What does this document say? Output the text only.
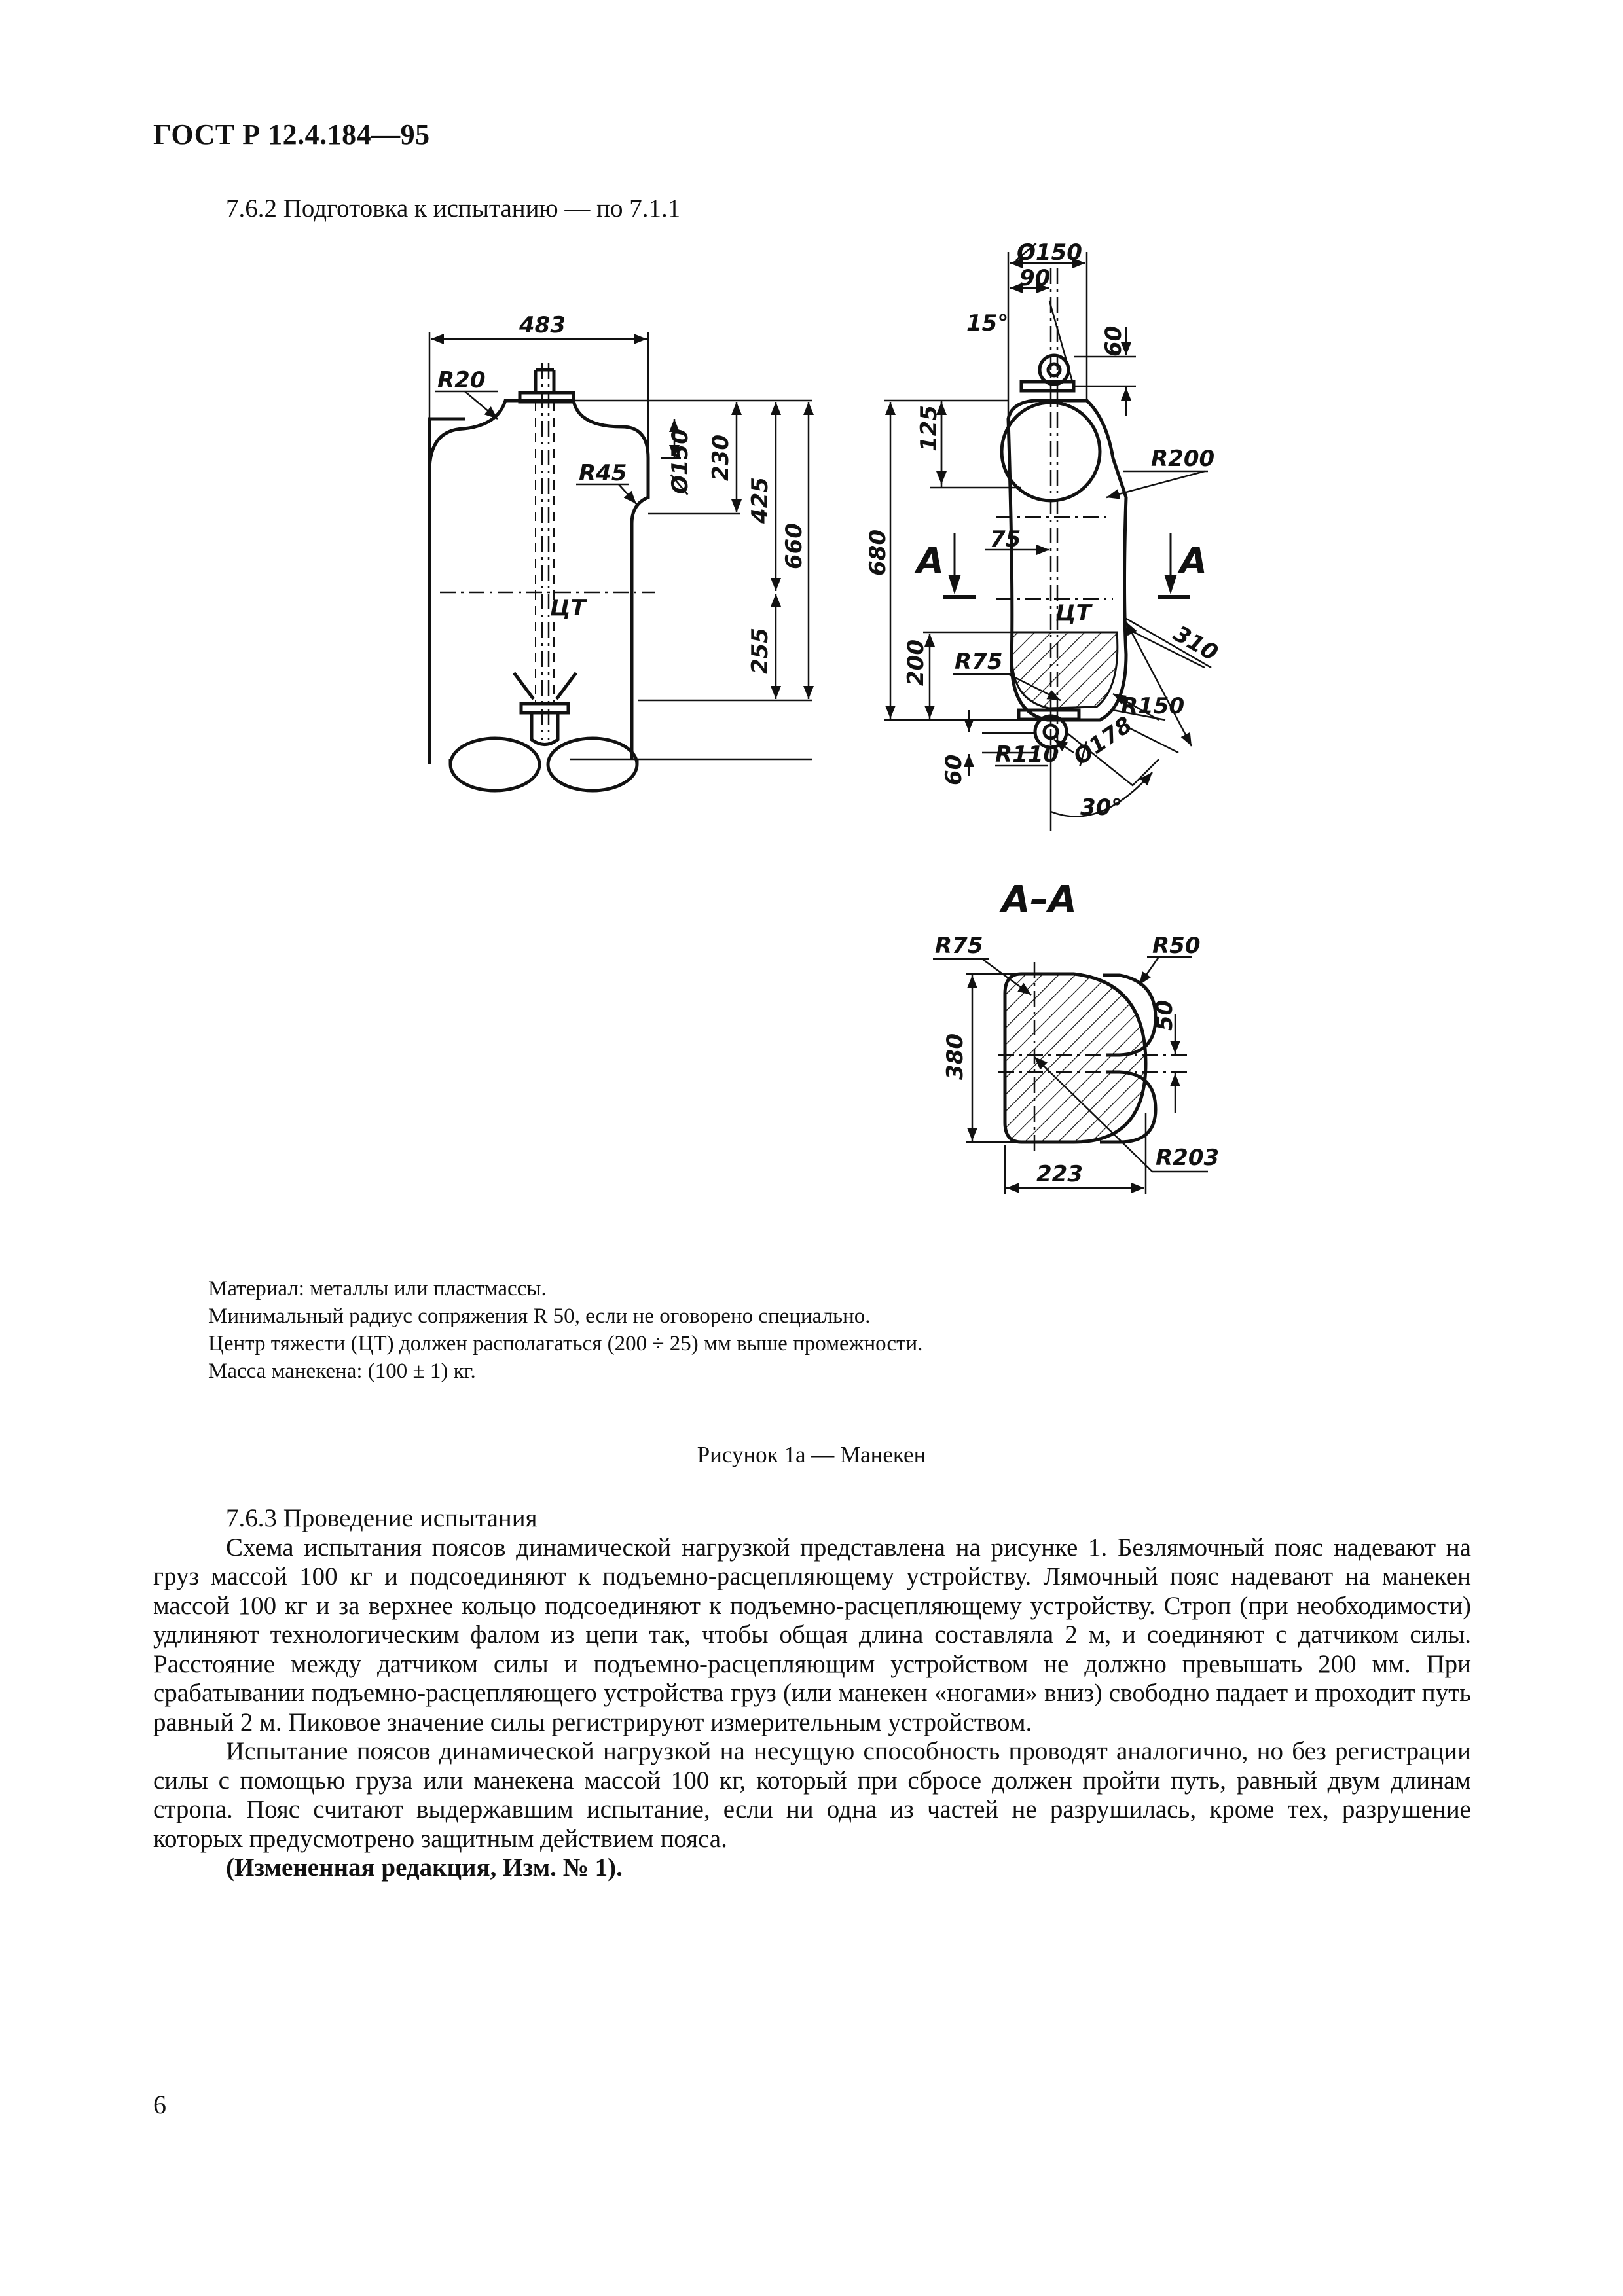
ГОСТ Р 12.4.184—95
7.6.2 Подготовка к испытанию — по 7.1.1
483
R20
R45 Ø150 230
425
660
255
ЦТ
Ø150
90
15°
60
125
R200
680 A	A
75
ЦТ
310
200 R75
R150
60 R110 Ø178
30°
A–A
R75	R50
50
380
R203
223
Материал: металлы или пластмассы.
Минимальный радиус сопряжения R 50, если не оговорено специально.
Центр тяжести (ЦТ) должен располагаться (200 ÷ 25) мм выше промежности.
Масса манекена: (100 ± 1) кг.
Рисунок 1а — Манекен

7.6.3 Проведение испытания

Схема испытания поясов динамической нагрузкой представлена на рисунке 1. Безлямочный пояс надевают на груз массой 100 кг и подсоединяют к подъемно-расцепляющему устройству. Лямочный пояс надевают на манекен массой 100 кг и за верхнее кольцо подсоединяют к подъемно-расцепляющему устройству. Строп (при необходимости) удлиняют технологическим фалом из цепи так, чтобы общая длина составляла 2 м, и соединяют с датчиком силы. Расстояние между датчиком силы и подъемно-расцепляющим устройством не должно превышать 200 мм. При срабатывании подъемно-расцепляющего устройства груз (или манекен «ногами» вниз) свободно падает и проходит путь равный 2 м. Пиковое значение силы регистрируют измерительным устройством.

Испытание поясов динамической нагрузкой на несущую способность проводят аналогично, но без регистрации силы с помощью груза или манекена массой 100 кг, который при сбросе должен пройти путь, равный двум длинам стропа. Пояс считают выдержавшим испытание, если ни одна из частей не разрушилась, кроме тех, разрушение которых предусмотрено защитным действием пояса.

(Измененная редакция, Изм. № 1).

6
